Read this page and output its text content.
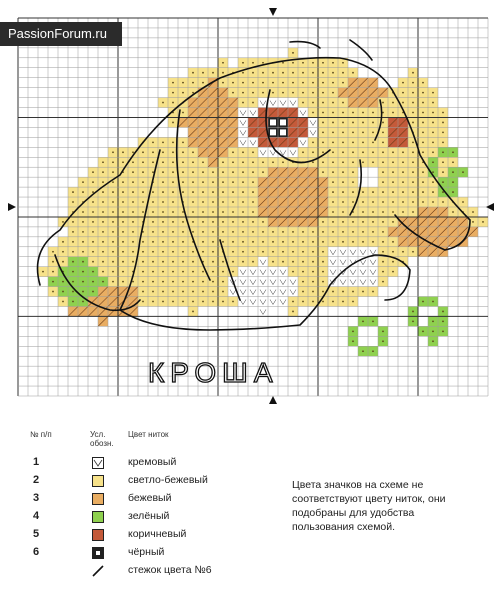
КРОША
PassionForum.ru
№ п/п	Усл. обозн.
Цвет ниток
1	кремовый
2	светло-бежевый
3	бежевый
4	зелёный
5	коричневый
6	чёрный
стежок цвета №6
Цвета значков на схеме не соответствуют цвету ниток, они подобраны для удобства пользования схемой.
